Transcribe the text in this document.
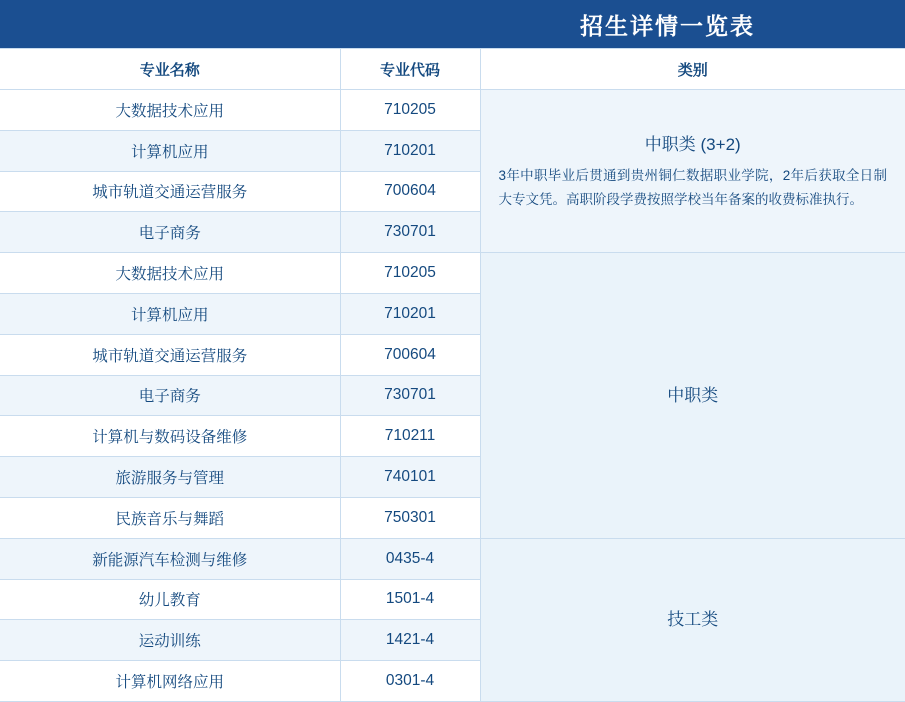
招生详情一览表
专业名称	专业代码	类别
大数据技术应用	710205	中职类 (3+2)
3年中职毕业后贯通到贵州铜仁数据职业学院，2年后获取全日制大专文凭。高职阶段学费按照学校当年备案的收费标准执行。

计算机应用	710201	
城市轨道交通运营服务	700604	
电子商务	730701	
大数据技术应用	710205	中职类

计算机应用	710201	
城市轨道交通运营服务	700604	
电子商务	730701	
计算机与数码设备维修	710211	
旅游服务与管理	740101	
民族音乐与舞蹈	750301	
新能源汽车检测与维修	0435-4	技工类

幼儿教育	1501-4	
运动训练	1421-4	
计算机网络应用	0301-4	
